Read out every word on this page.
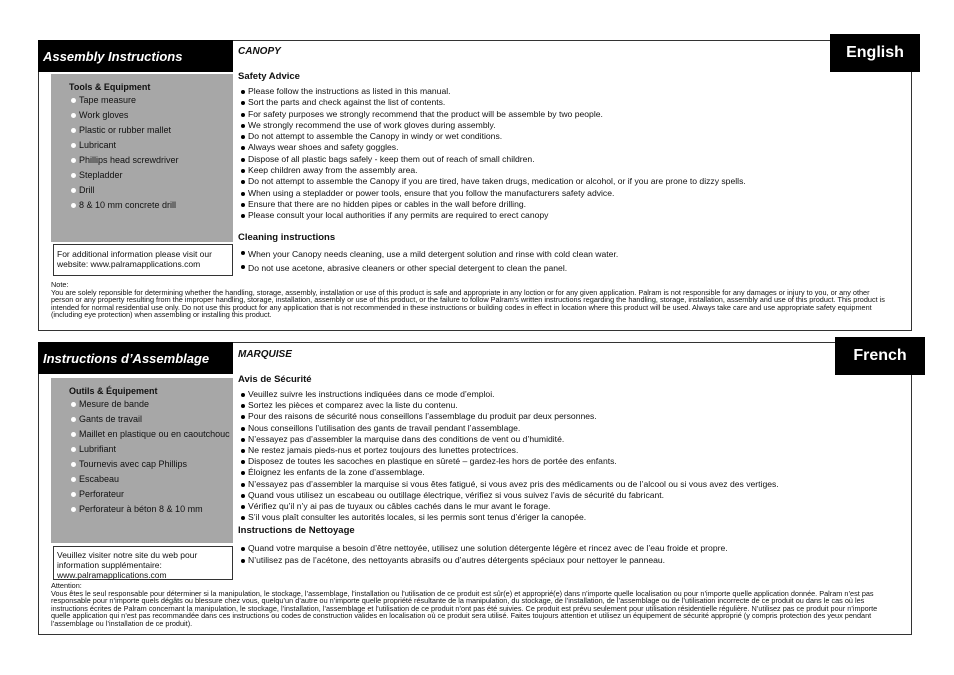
Assembly Instructions	English
CANOPY
Tools & Equipment
Tape measure
Work gloves
Plastic or rubber mallet
Lubricant
Phillips head screwdriver
Stepladder
Drill
8 & 10 mm concrete drill
For additional information please visit our website: www.palramapplications.com
Safety Advice
Please follow the instructions as listed in this manual.
Sort the parts and check against the list of contents.
For safety purposes we strongly recommend that the product will be assemble by two people.
We strongly recommend the use of work gloves during assembly.
Do not attempt to assemble the Canopy in windy or wet conditions.
Always wear shoes and safety goggles.
Dispose of all plastic bags safely - keep them out of reach of small children.
Keep children away from the assembly area.
Do not attempt to assemble the Canopy if you are tired, have taken drugs, medication or alcohol, or if you are prone to dizzy spells.
When using a stepladder or power tools, ensure that you follow the manufacturers safety advice.
Ensure that there are no hidden pipes or cables in the wall before drilling.
Please consult your local authorities if any permits are required to erect canopy
Cleaning instructions
When your Canopy needs cleaning, use a mild detergent solution and rinse with cold clean water.
Do not use acetone, abrasive cleaners or other special detergent to clean the panel.
Note:
You are solely reponsible for determining whether the handling, storage, assembly, installation or use of this product is safe and appropriate in any loction or for any given application. Palram is not responsible for any damages or injury to you, or any other person or any property resulting from the improper handling, storage, installation, assembly or use of this product, or the failure to follow Palram's written instructions regarding the handling, storage, installation, assembly and use of this product. This product is intended for normal residential use only. Do not use this product for any application that is not recommended in these instructions or building codes in effect in location where this product will be used. Always take care and use appropriate safety equipment (including eye protection) when assembling or installing this product.
Instructions d’Assemblage	French
MARQUISE
Outils & Équipement
Mesure de bande
Gants de travail
Maillet en plastique ou en caoutchouc
Lubrifiant
Tournevis avec cap Phillips
Escabeau
Perforateur
Perforateur à béton 8 & 10 mm
Veuillez visiter notre site du web pour information supplémentaire: www.palramapplications.com
Avis de Sécurité
Veuillez suivre les instructions indiquées dans ce mode d’emploi.
Sortez les pièces et comparez avec la liste du contenu.
Pour des raisons de sécurité nous conseillons l’assemblage du produit par deux personnes.
Nous conseillons l’utilisation des gants de travail pendant l’assemblage.
N’essayez pas d’assembler la marquise dans des conditions de vent ou d’humidité.
Ne restez jamais pieds-nus et portez toujours des lunettes protectrices.
Disposez de toutes les sacoches en plastique en sûreté – gardez-les hors de portée des enfants.
Éloignez les enfants de la zone d’assemblage.
N’essayez pas d’assembler la marquise si vous êtes fatigué, si vous avez pris des médicaments ou de l’alcool ou si vous avez des vertiges.
Quand vous utilisez un escabeau ou outillage électrique, vérifiez si vous suivez l’avis de sécurité du fabricant.
Vérifiez qu’il n’y ai pas de tuyaux ou câbles cachés dans le mur avant le forage.
S’il vous plaît consulter les autorités locales, si les permis sont tenus d’ériger la canopée.
Instructions de Nettoyage
Quand votre marquise a besoin d’être nettoyée, utilisez une solution détergente légère et rincez avec de l’eau froide et propre.
N’utilisez pas de l’acétone, des nettoyants abrasifs ou d’autres détergents spéciaux pour nettoyer le panneau.
Attention:
Vous êtes le seul responsable pour déterminer si la manipulation, le stockage, l’assemblage, l’installation ou l’utilisation de ce produit est sûr(e) et approprié(e) dans n’importe quelle localisation ou pour n’importe quelle application donnée. Palram n’est pas responsable pour n’importe quels dégâts ou blessure chez vous, quelqu’un d’autre ou n’importe quelle propriété résultante de la manipulation, du stockage, de l’installation, de l’assemblage ou de l’utilisation incorrecte de ce produit ou dans le cas où les instructions écrites de Palram concernant la manipulation, le stockage, l’installation, l’assemblage et l’utilisation de ce produit n’ont pas été suivies. Ce produit est prévu seulement pour utilisation résidentielle régulière. N’utilisez pas ce produit pour n’importe quelle application qui n’est pas recommandée dans ces instructions ou codes de construction valides en localisation où ce produit sera utilisé. Faites toujours attention et utilisez un équipement de sécurité approprié (y compris protection des yeux pendant l’assemblage ou l’installation de ce produit).
